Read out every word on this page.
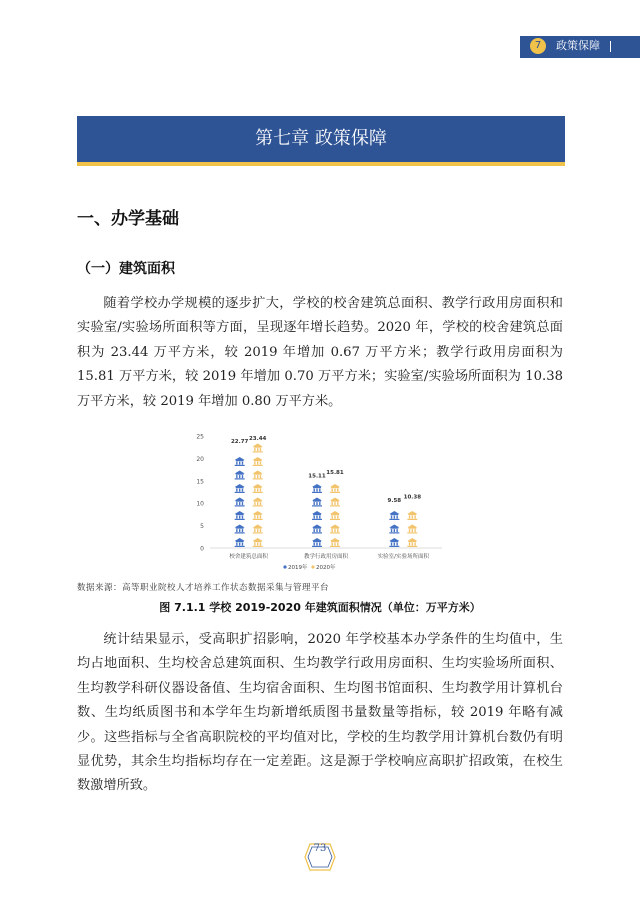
7	政策保障
第七章 政策保障
一、办学基础
（一）建筑面积

随着学校办学规模的逐步扩大，学校的校舍建筑总面积、教学行政用房面积和实验室/实验场所面积等方面，呈现逐年增长趋势。2020 年，学校的校舍建筑总面积为 23.44 万平方米，较 2019 年增加 0.67 万平方米；教学行政用房面积为 15.81 万平方米，较 2019 年增加 0.70 万平方米；实验室/实验场所面积为 10.38 万平方米，较 2019 年增加 0.80 万平方米。

0
5
10
15
20
25
22.77
23.44
校舍建筑总面积
15.11
15.81
教学行政用房面积
9.58
10.38
实验室/实验场所面积
2019年 2020年
数据来源：高等职业院校人才培养工作状态数据采集与管理平台
图 7.1.1 学校 2019-2020 年建筑面积情况（单位：万平方米）

统计结果显示，受高职扩招影响，2020 年学校基本办学条件的生均值中，生均占地面积、生均校舍总建筑面积、生均教学行政用房面积、生均实验场所面积、生均教学科研仪器设备值、生均宿舍面积、生均图书馆面积、生均教学用计算机台数、生均纸质图书和本学年生均新增纸质图书量数量等指标，较 2019 年略有减少。这些指标与全省高职院校的平均值对比，学校的生均教学用计算机台数仍有明显优势，其余生均指标均存在一定差距。这是源于学校响应高职扩招政策，在校生数激增所致。

73
